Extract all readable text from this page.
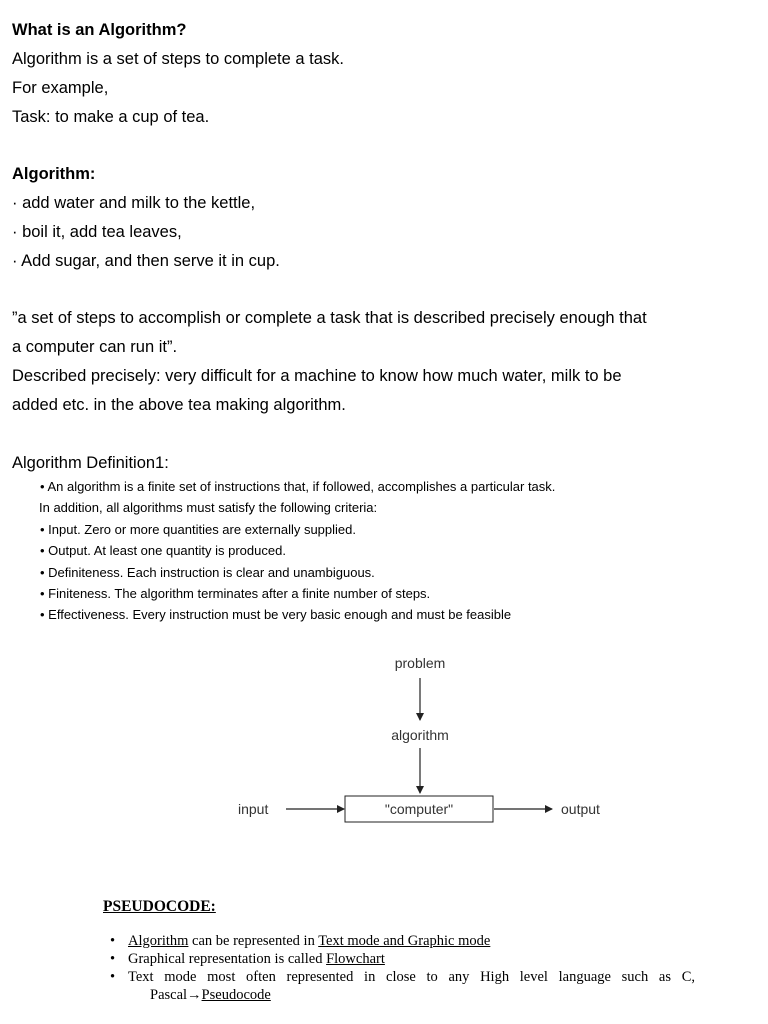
What is an Algorithm?
Algorithm is a set of steps to complete a task.
For example,
Task: to make a cup of tea.
Algorithm:
· add water and milk to the kettle,
· boil it, add tea leaves,
· Add sugar, and then serve it in cup.
”a set of steps to accomplish or complete a task that is described precisely enough that
a computer can run it”.
Described precisely: very difficult for a machine to know how much water, milk to be
added etc. in the above tea making algorithm.
Algorithm Definition1:
• An algorithm is a finite set of instructions that, if followed, accomplishes a particular task.
In addition, all algorithms must satisfy the following criteria:
• Input. Zero or more quantities are externally supplied.
• Output. At least one quantity is produced.
• Definiteness. Each instruction is clear and unambiguous.
• Finiteness. The algorithm terminates after a finite number of steps.
• Effectiveness. Every instruction must be very basic enough and must be feasible
problem
algorithm
"computer"
input	output
PSEUDOCODE:
• Algorithm can be represented in Text mode and Graphic mode
• Graphical representation is called Flowchart
• Text mode most often represented in close to any High level language such as C,
Pascal→Pseudocode
